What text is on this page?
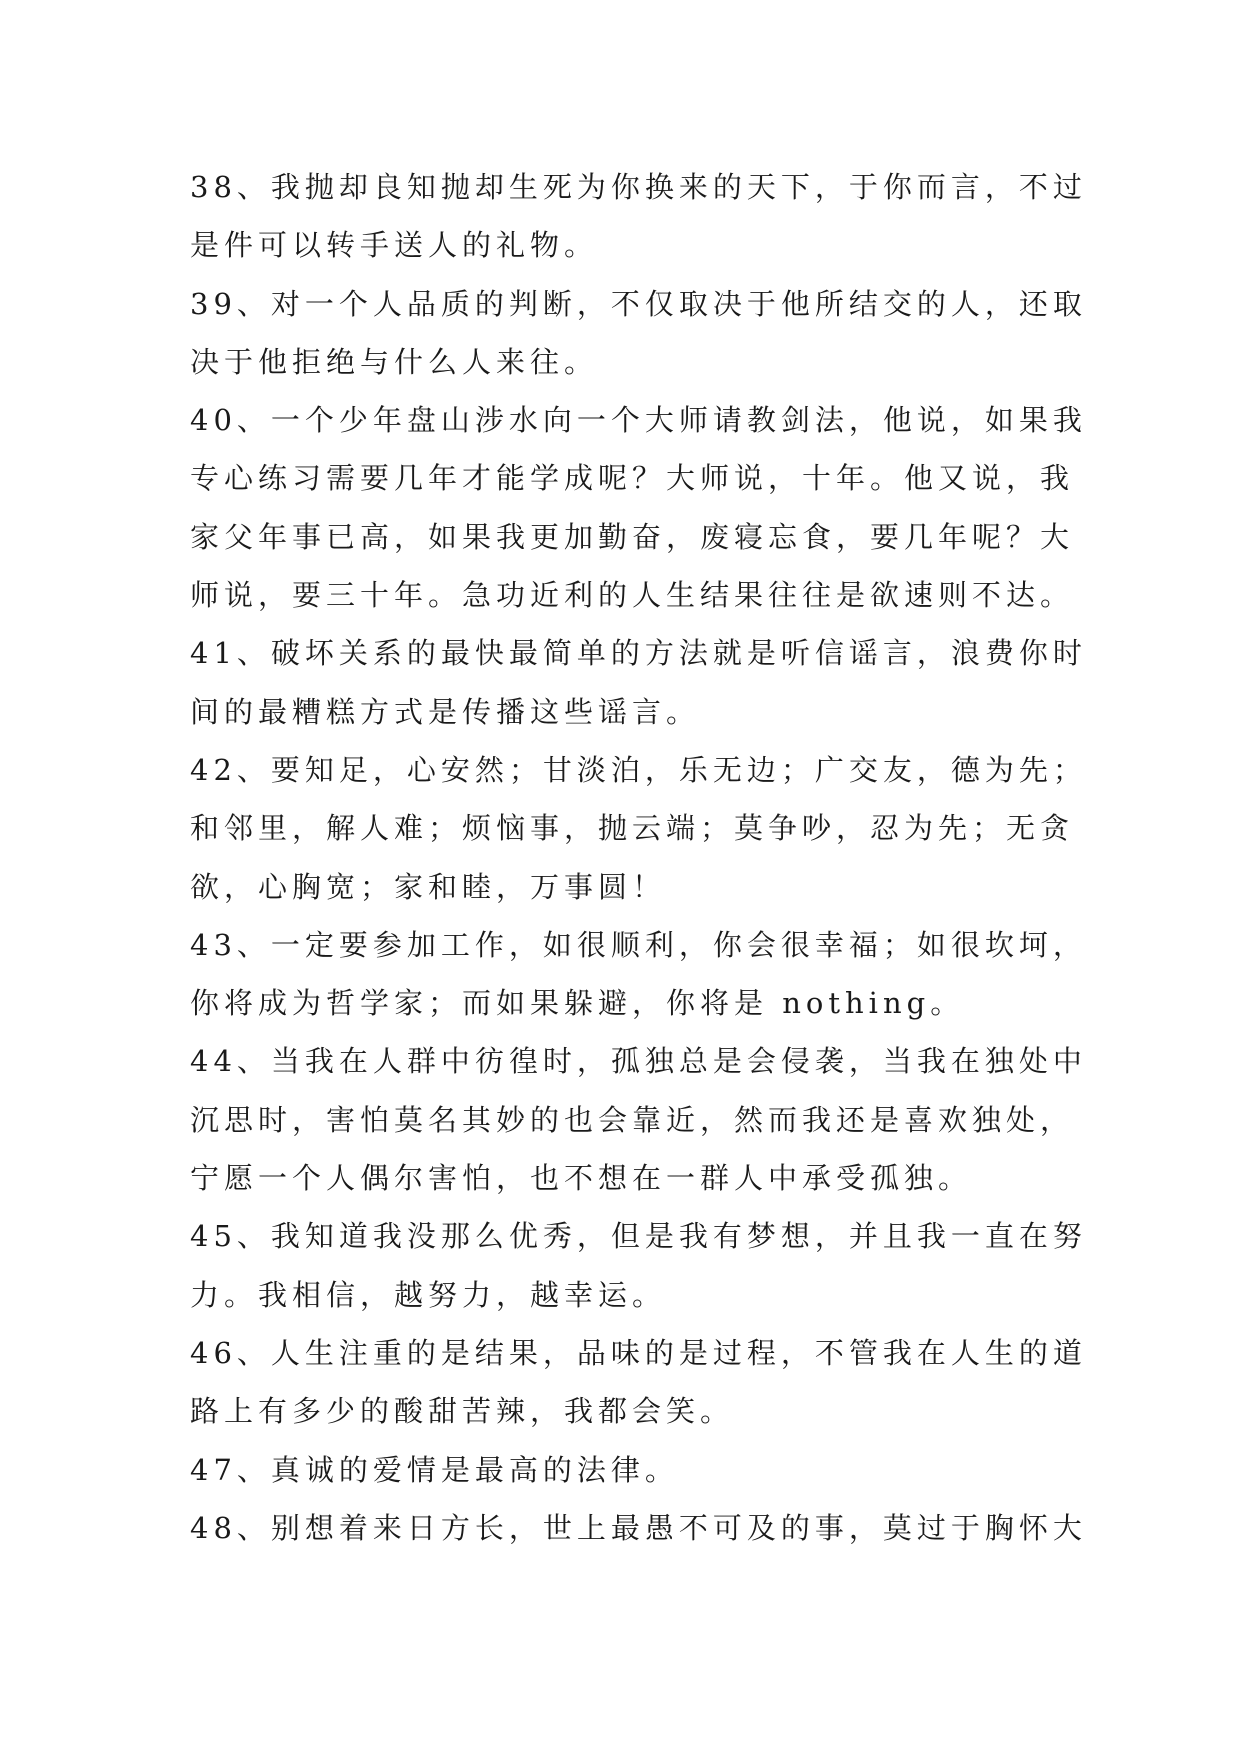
38、我抛却良知抛却生死为你换来的天下，于你而言，不过
是件可以转手送人的礼物。
39、对一个人品质的判断，不仅取决于他所结交的人，还取
决于他拒绝与什么人来往。
40、一个少年盘山涉水向一个大师请教剑法，他说，如果我
专心练习需要几年才能学成呢？大师说，十年。他又说，我
家父年事已高，如果我更加勤奋，废寝忘食，要几年呢？大
师说，要三十年。急功近利的人生结果往往是欲速则不达。
41、破坏关系的最快最简单的方法就是听信谣言，浪费你时
间的最糟糕方式是传播这些谣言。
42、要知足，心安然；甘淡泊，乐无边；广交友，德为先；
和邻里，解人难；烦恼事，抛云端；莫争吵，忍为先；无贪
欲，心胸宽；家和睦，万事圆！
43、一定要参加工作，如很顺利，你会很幸福；如很坎坷，
你将成为哲学家；而如果躲避，你将是 nothing。
44、当我在人群中彷徨时，孤独总是会侵袭，当我在独处中
沉思时，害怕莫名其妙的也会靠近，然而我还是喜欢独处，
宁愿一个人偶尔害怕，也不想在一群人中承受孤独。
45、我知道我没那么优秀，但是我有梦想，并且我一直在努
力。我相信，越努力，越幸运。
46、人生注重的是结果，品味的是过程，不管我在人生的道
路上有多少的酸甜苦辣，我都会笑。
47、真诚的爱情是最高的法律。
48、别想着来日方长，世上最愚不可及的事，莫过于胸怀大
